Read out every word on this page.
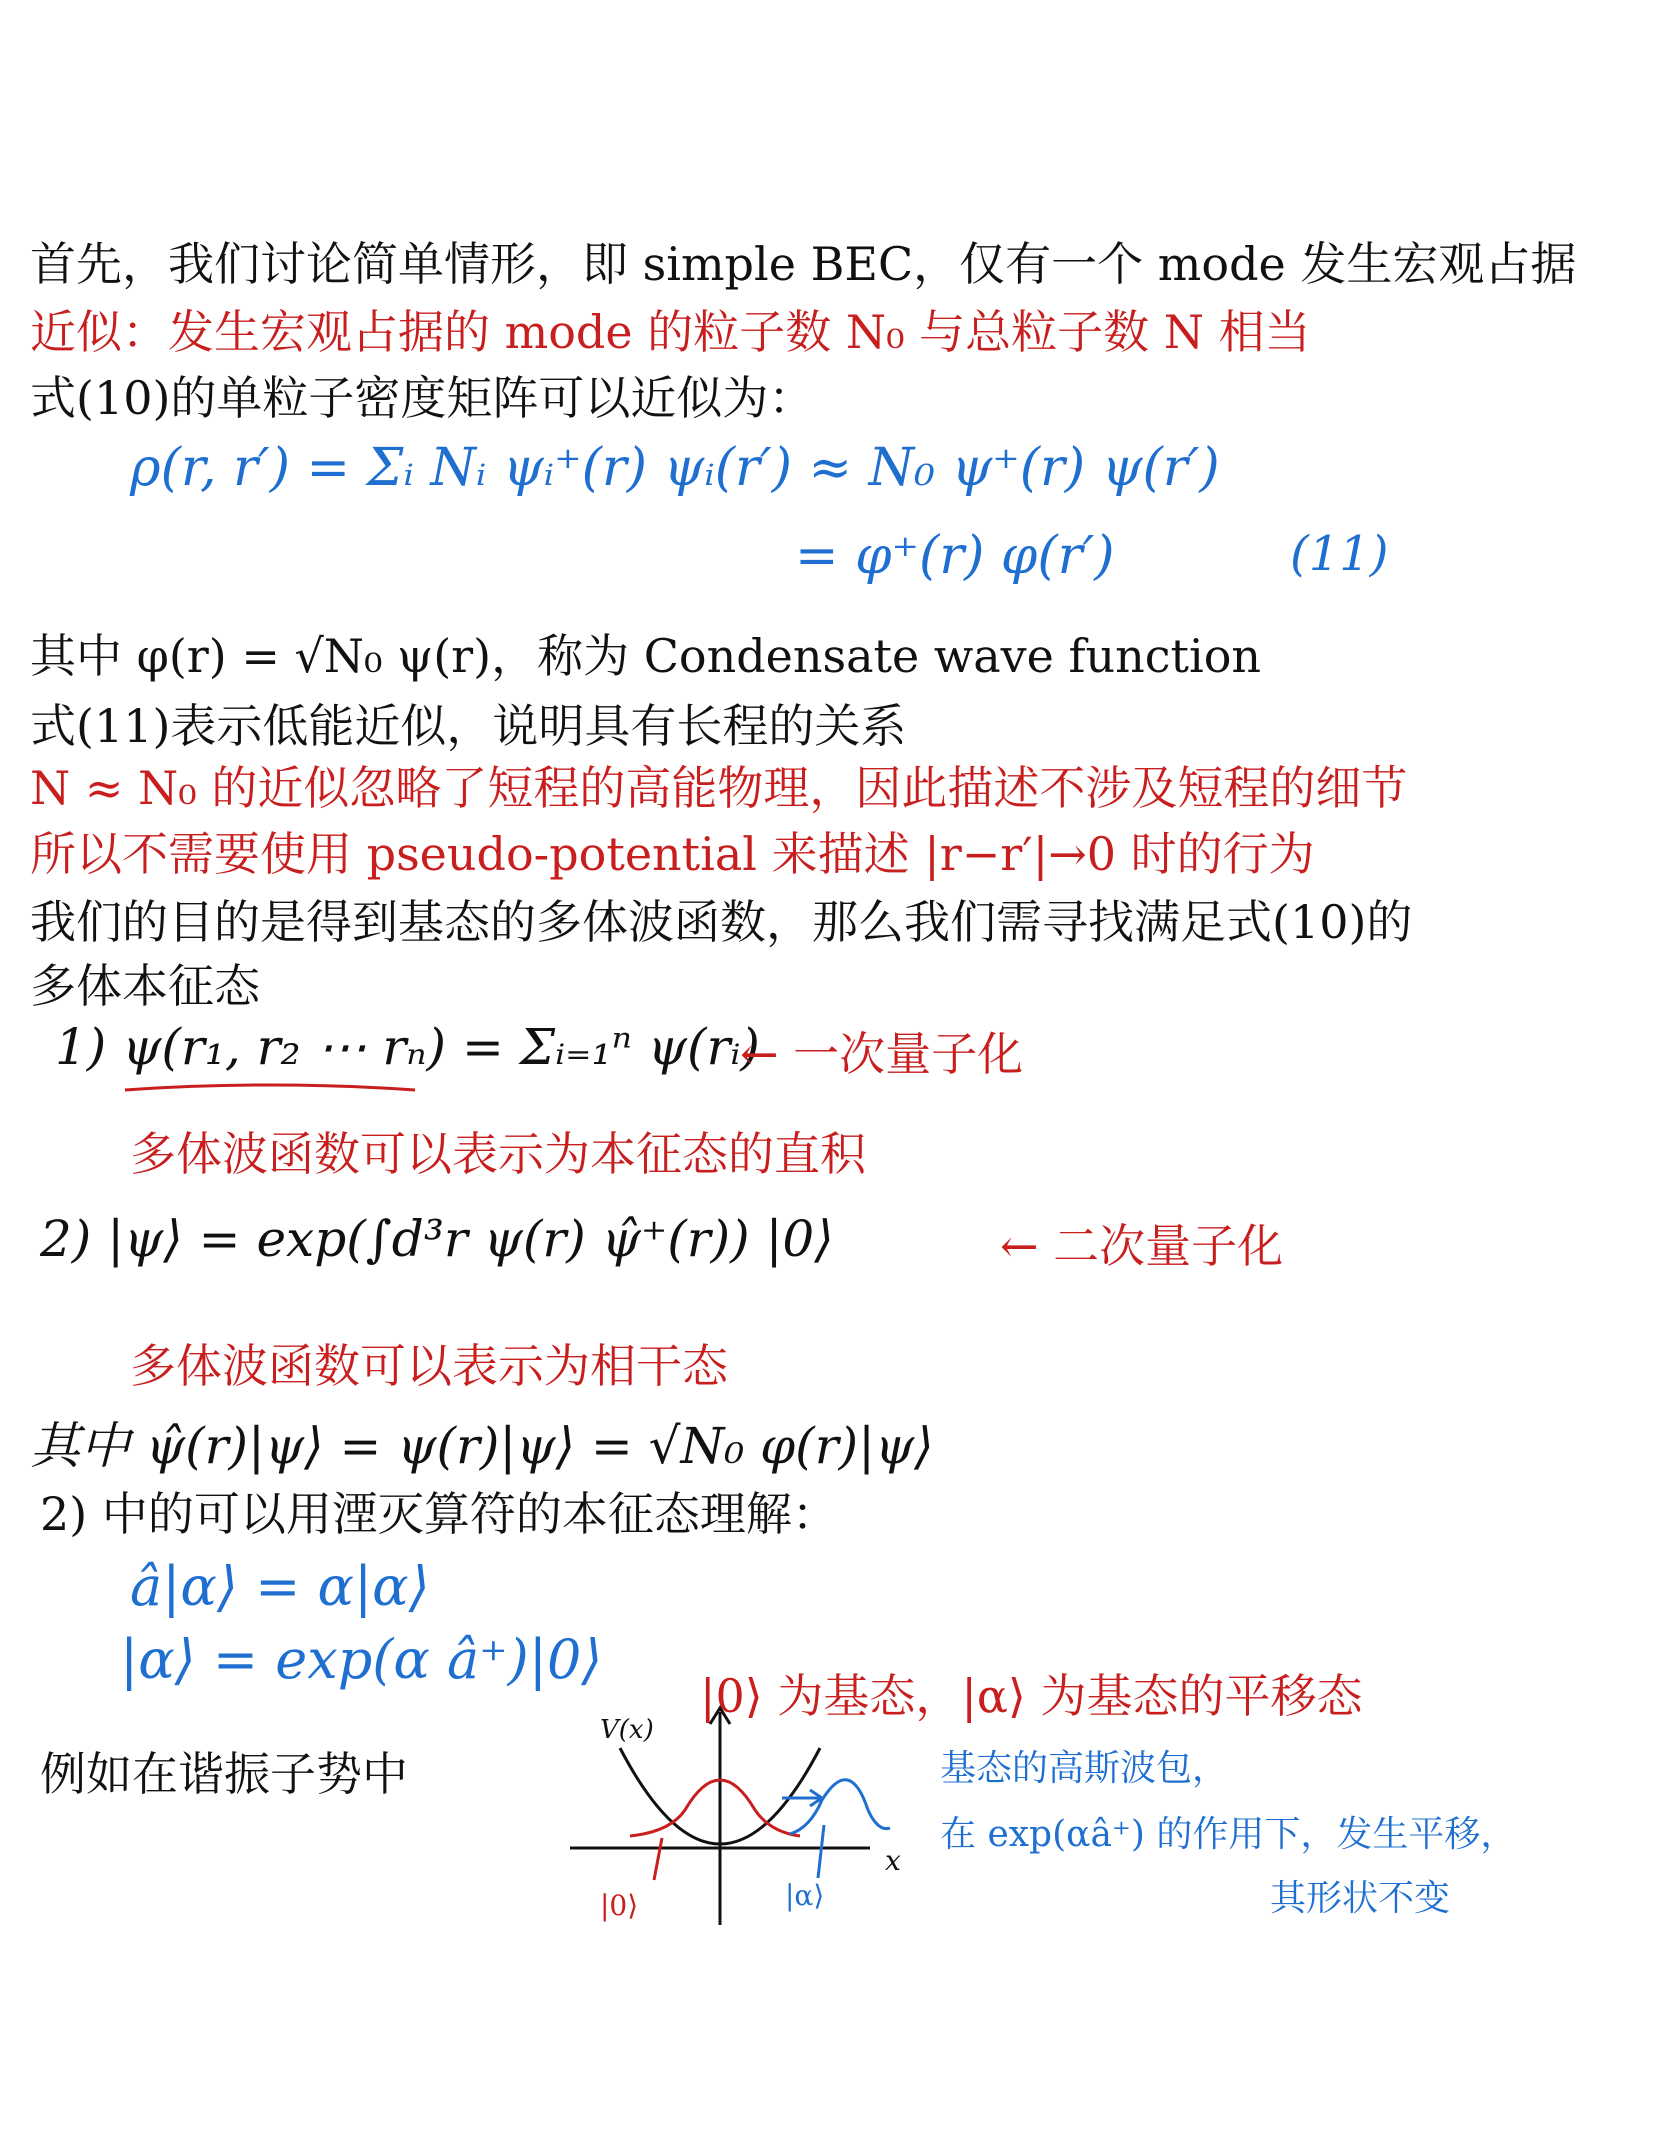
首先，我们讨论简单情形，即 simple BEC，仅有一个 mode 发生宏观占据
近似：发生宏观占据的 mode 的粒子数 N₀ 与总粒子数 N 相当
式(10)的单粒子密度矩阵可以近似为：
ρ(r, r′) = Σᵢ Nᵢ ψᵢ⁺(r) ψᵢ(r′) ≈ N₀ ψ⁺(r) ψ(r′)
= φ⁺(r) φ(r′)	(11)
其中 φ(r) = √N₀ ψ(r)，称为 Condensate wave function
式(11)表示低能近似，说明具有长程的关系
N ≈ N₀ 的近似忽略了短程的高能物理，因此描述不涉及短程的细节
所以不需要使用 pseudo-potential 来描述 |r−r′|→0 时的行为
我们的目的是得到基态的多体波函数，那么我们需寻找满足式(10)的
多体本征态
1) ψ(r₁, r₂ ⋯ rₙ) = Σᵢ₌₁ⁿ ψ(rᵢ)
← 一次量子化
多体波函数可以表示为本征态的直积
2) |ψ⟩ = exp(∫d³r ψ(r) ψ̂⁺(r)) |0⟩	← 二次量子化
多体波函数可以表示为相干态
其中 ψ̂(r)|ψ⟩ = ψ(r)|ψ⟩ = √N₀ φ(r)|ψ⟩
2) 中的可以用湮灭算符的本征态理解：
â|α⟩ = α|α⟩
|α⟩ = exp(α â⁺)|0⟩
|0⟩ 为基态，|α⟩ 为基态的平移态
例如在谐振子势中
V(x)
x
|0⟩	|α⟩
基态的高斯波包，
在 exp(αâ⁺) 的作用下，发生平移，
其形状不变
